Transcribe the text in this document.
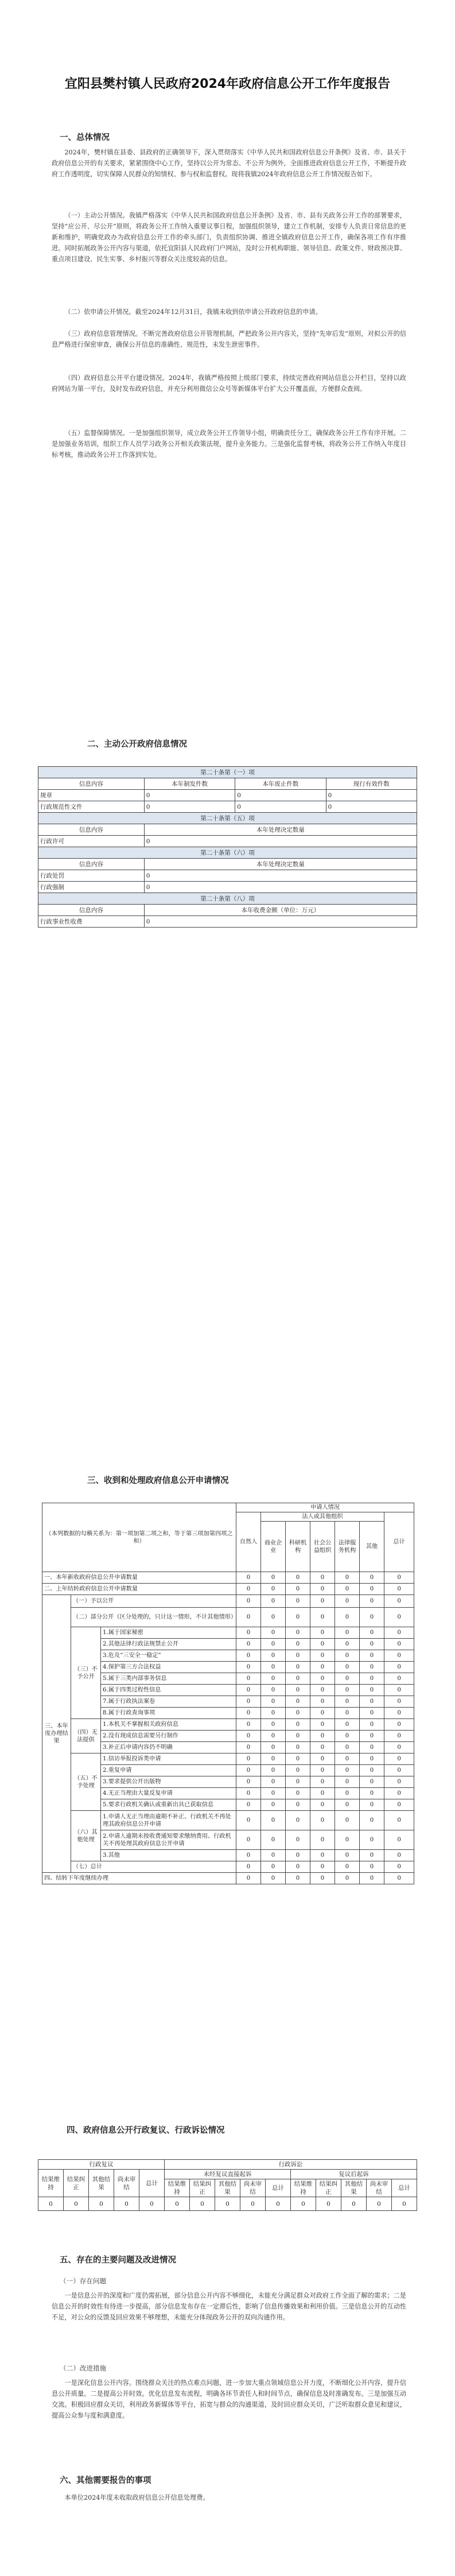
宜阳县樊村镇人民政府2024年政府信息公开工作年度报告
一、总体情况

2024年，樊村镇在县委、县政府的正确领导下，深入贯彻落实《中华人民共和国政府信息公开条例》及省、市、县关于政府信息公开的有关要求，紧紧围绕中心工作，坚持以公开为常态、不公开为例外，全面推进政府信息公开工作，不断提升政府工作透明度，切实保障人民群众的知情权、参与权和监督权。现将我镇2024年政府信息公开工作情况报告如下。

（一）主动公开情况。我镇严格落实《中华人民共和国政府信息公开条例》及省、市、县有关政务公开工作的部署要求，坚持“应公开、尽公开”原则，将政务公开工作纳入重要议事日程，加强组织领导，建立工作机制，安排专人负责日常信息的更新和维护，明确党政办为政府信息公开工作的牵头部门，负责组织协调、推进全镇政府信息公开工作，确保各项工作有序推进。同时拓展政务公开内容与渠道，依托宜阳县人民政府门户网站，及时公开机构职能、领导信息、政策文件、财政预决算、重点项目建设、民生实事、乡村振兴等群众关注度较高的信息。

（二）依申请公开情况。截至2024年12月31日，我镇未收到依申请公开政府信息的申请。

（三）政府信息管理情况。不断完善政府信息公开管理机制，严把政务公开内容关，坚持“先审后发”原则，对拟公开的信息严格进行保密审查，确保公开信息的准确性、规范性，未发生泄密事件。

（四）政府信息公开平台建设情况。2024年，我镇严格按照上级部门要求，持续完善政府网站信息公开栏目，坚持以政府网站为第一平台，及时发布政府信息，并充分利用微信公众号等新媒体平台扩大公开覆盖面，方便群众查阅。

（五）监督保障情况。一是加强组织领导，成立政务公开工作领导小组，明确责任分工，确保政务公开工作有序开展。二是加强业务培训，组织工作人员学习政务公开相关政策法规，提升业务能力。三是强化监督考核，将政务公开工作纳入年度目标考核，推动政务公开工作落到实处。

二、主动公开政府信息情况
第二十条第（一）项			
信息内容	本年制发件数	本年废止件数	现行有效件数
规章	0	0	0
行政规范性文件	0	0	0
第二十条第（五）项			
信息内容	本年处理决定数量		
行政许可	0		
第二十条第（六）项			
信息内容	本年处理决定数量		
行政处罚	0		
行政强制	0		
第二十条第（八）项			
信息内容	本年收费金额（单位：万元）		
行政事业性收费	0		
三、收到和处理政府信息公开申请情况
（本列数据的勾稽关系为：第一项加第二项之和，等于第三项加第四项之和）			申请人情况						
			自然人	法人或其他组织					总计
				商业企业	科研机构	社会公益组织	法律服务机构	其他	
一、本年新收政府信息公开申请数量			0	0	0	0	0	0	0
二、上年结转政府信息公开申请数量			0	0	0	0	0	0	0
三、本年度办理结果	（一）予以公开		0	0	0	0	0	0	0
	（二）部分公开（区分处理的，只计这一情形，不计其他情形）		0	0	0	0	0	0	0
	（三）不予公开	1.属于国家秘密	0	0	0	0	0	0	0
		2.其他法律行政法规禁止公开	0	0	0	0	0	0	0
		3.危及“三安全一稳定”	0	0	0	0	0	0	0
		4.保护第三方合法权益	0	0	0	0	0	0	0
		5.属于三类内部事务信息	0	0	0	0	0	0	0
		6.属于四类过程性信息	0	0	0	0	0	0	0
		7.属于行政执法案卷	0	0	0	0	0	0	0
		8.属于行政查询事项	0	0	0	0	0	0	0
	（四）无法提供	1.本机关不掌握相关政府信息	0	0	0	0	0	0	0
		2.没有现成信息需要另行制作	0	0	0	0	0	0	0
		3.补正后申请内容仍不明确	0	0	0	0	0	0	0
	（五）不予处理	1.信访举报投诉类申请	0	0	0	0	0	0	0
		2.重复申请	0	0	0	0	0	0	0
		3.要求提供公开出版物	0	0	0	0	0	0	0
		4.无正当理由大量反复申请	0	0	0	0	0	0	0
		5.要求行政机关确认或重新出具已获取信息	0	0	0	0	0	0	0
	（六）其他处理	1.申请人无正当理由逾期不补正、行政机关不再处理其政府信息公开申请	0	0	0	0	0	0	0
		2.申请人逾期未按收费通知要求缴纳费用、行政机关不再处理其政府信息公开申请	0	0	0	0	0	0	0
		3.其他	0	0	0	0	0	0	0
	（七）总计		0	0	0	0	0	0	0
四、结转下年度继续办理			0	0	0	0	0	0	0
四、政府信息公开行政复议、行政诉讼情况
行政复议					行政诉讼									
结果维持	结果纠正	其他结果	尚未审结	总计	未经复议直接起诉					复议后起诉				
					结果维持	结果纠正	其他结果	尚未审结	总计	结果维持	结果纠正	其他结果	尚未审结	总计
0	0	0	0	0	0	0	0	0	0	0	0	0	0	0
五、存在的主要问题及改进情况
（一）存在问题

一是信息公开的深度和广度仍需拓展，部分信息公开内容不够细化，未能充分满足群众对政府工作全面了解的需求；二是信息公开的时效性有待进一步提高，部分信息发布存在一定滞后性，影响了信息传播效果和利用价值。三是信息公开的互动性不足，对公众的反馈及回应效果不够理想，未能充分体现政务公开的双向沟通作用。

（二）改进措施

一是深化信息公开内容。围绕群众关注的热点难点问题，进一步加大重点领域信息公开力度，不断细化公开内容，提升信息公开质量。二是提高公开时效。优化信息发布流程，明确各环节责任人和时间节点，确保信息及时准确发布。三是加强互动交流。积极回应群众关切，利用政务新媒体等平台，拓宽与群众的沟通渠道，及时回应群众关切，广泛听取群众意见和建议，提高公众参与度和满意度。

六、其他需要报告的事项

本单位2024年度未收取政府信息公开信息处理费。
